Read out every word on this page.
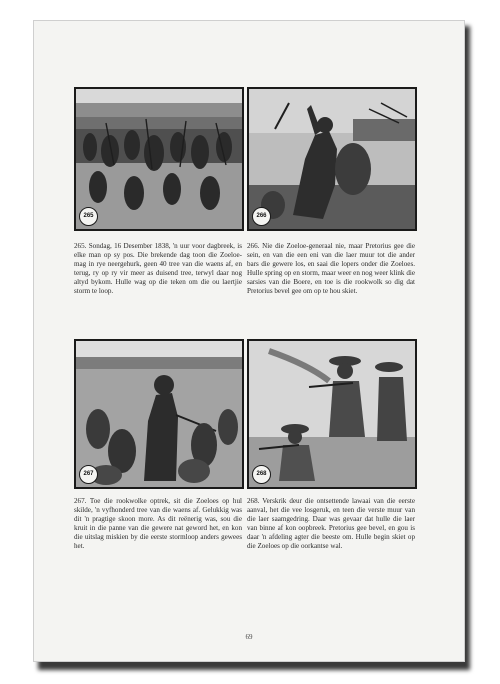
265	266

265. Sondag, 16 Desember 1838, 'n uur voor dagbreek, is elke man op sy pos. Die brekende dag toon die Zoeloe-mag in rye neergehurk, geen 40 tree van die waens af, en terug, ry op ry vir meer as duisend tree, terwyl daar nog altyd bykom. Hulle wag op die teken om die ou laertjie storm te loop.

266. Nie die Zoeloe-generaal nie, maar Pretorius gee die sein, en van die een eni van die laer muur tot die ander bars die gewere los, en saai die lopers onder die Zoeloes. Hulle spring op en storm, maar weer en nog weer klink die sarsies van die Boere, en toe is die rookwolk so dig dat Pretorius bevel gee om op te hou skiet.

267	268

267. Toe die rookwolke optrek, sit die Zoeloes op hul skilde, 'n vyfhonderd tree van die waens af. Gelukkig was dit 'n pragtige skoon more. As dit reënerig was, sou die kruit in die panne van die gewere nat geword het, en kon die uitslag miskien by die eerste stormloop anders gewees het.

268. Verskrik deur die ontsettende lawaai van die eerste aanval, het die vee losgeruk, en teen die verste muur van die laer saamgedring. Daar was gevaar dat hulle die laer van binne af kon oopbreek. Pretorius gee bevel, en gou is daar 'n afdeling agter die beeste om. Hulle begin skiet op die Zoeloes op die oorkantse wal.

69
